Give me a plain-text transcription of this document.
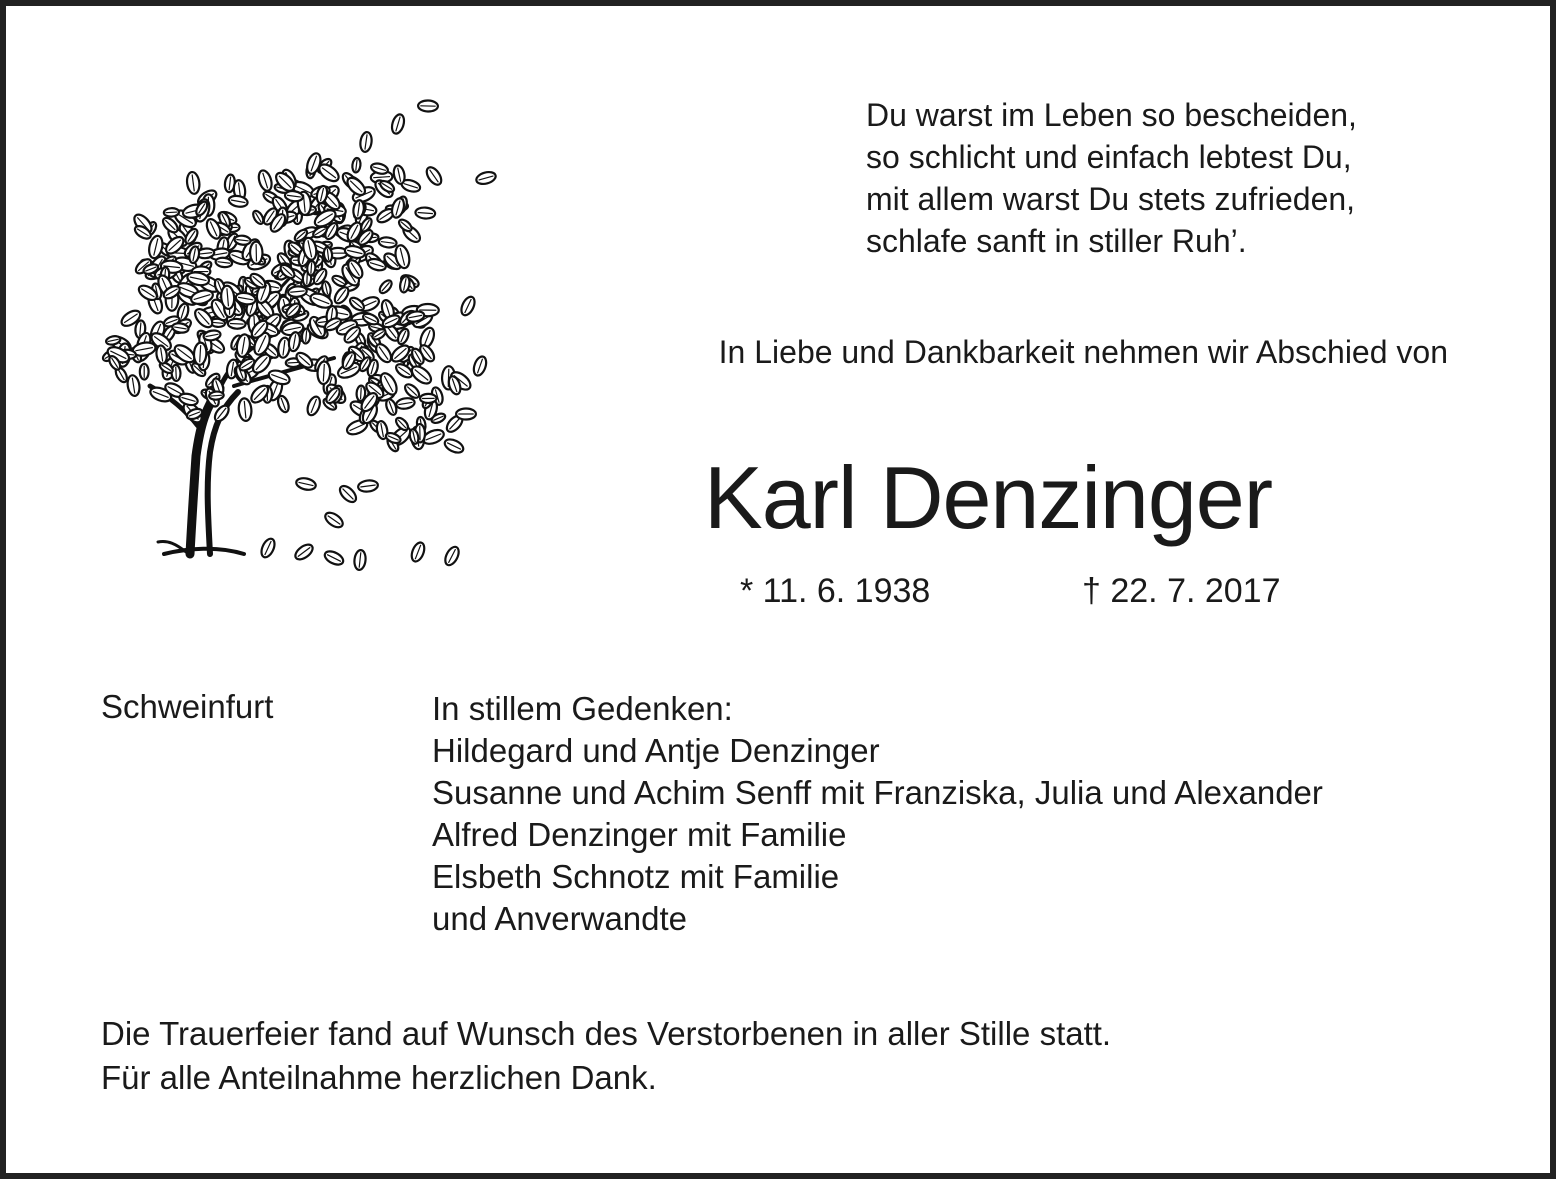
Du warst im Leben so bescheiden,
so schlicht und einfach lebtest Du,
mit allem warst Du stets zufrieden,
schlafe sanft in stiller Ruh’.
In Liebe und Dankbarkeit nehmen wir Abschied von
Karl Denzinger
* 11. 6. 1938	† 22. 7. 2017
Schweinfurt	In stillem Gedenken:
Hildegard und Antje Denzinger
Susanne und Achim Senff mit Franziska, Julia und Alexander
Alfred Denzinger mit Familie
Elsbeth Schnotz mit Familie
und Anverwandte
Die Trauerfeier fand auf Wunsch des Verstorbenen in aller Stille statt.
Für alle Anteilnahme herzlichen Dank.
